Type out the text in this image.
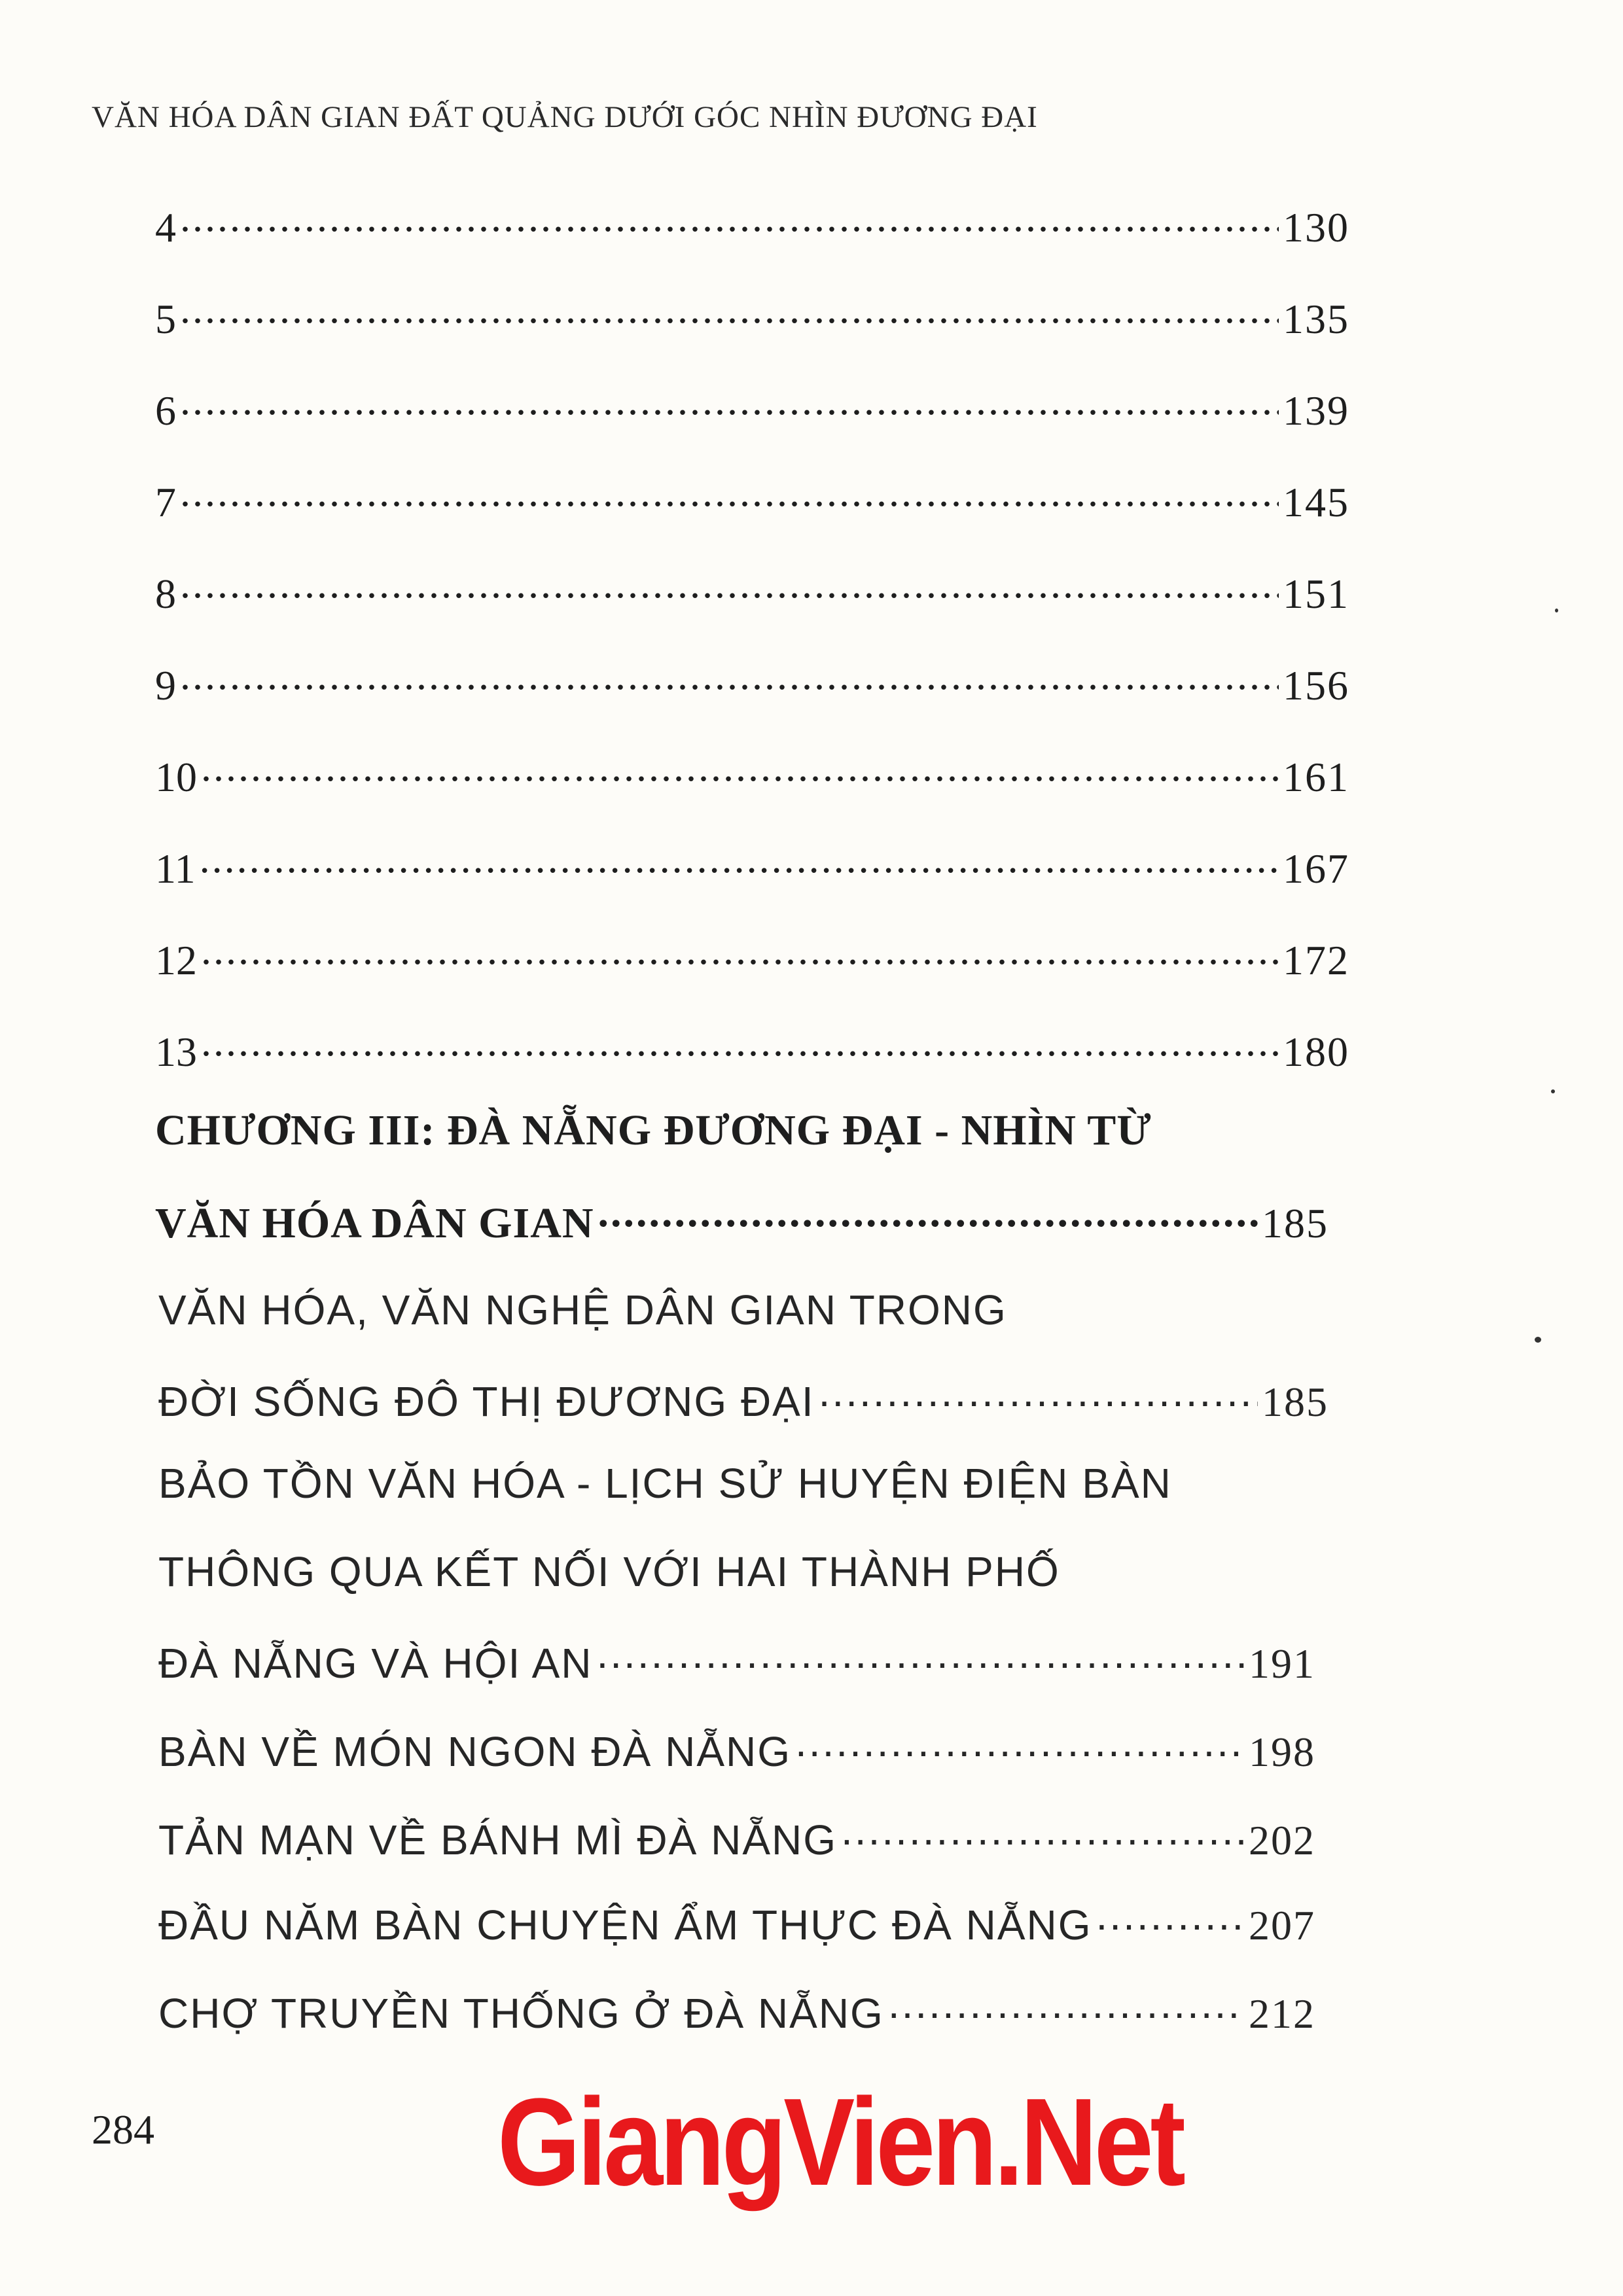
VĂN HÓA DÂN GIAN ĐẤT QUẢNG DƯỚI GÓC NHÌN ĐƯƠNG ĐẠI
4 .....	130
5 .....	135
6 .....	139
7 .....	145
8 .....	151
9 .....	156
10 .....	161
11 .....	167
12 .....	172
13 .....	180
CHƯƠNG III: ĐÀ NẴNG ĐƯƠNG ĐẠI - NHÌN TỪ
VĂN HÓA DÂN GIAN .....	185
VĂN HÓA, VĂN NGHỆ DÂN GIAN TRONG
ĐỜI SỐNG ĐÔ THỊ ĐƯƠNG ĐẠI .....	185
BẢO TỒN VĂN HÓA - LỊCH SỬ HUYỆN ĐIỆN BÀN
THÔNG QUA KẾT NỐI VỚI HAI THÀNH PHỐ
ĐÀ NẴNG VÀ HỘI AN .....	191
BÀN VỀ MÓN NGON ĐÀ NẴNG .....	198
TẢN MẠN VỀ BÁNH MÌ ĐÀ NẴNG .....	202
ĐẦU NĂM BÀN CHUYỆN ẨM THỰC ĐÀ NẴNG .....	207
CHỢ TRUYỀN THỐNG Ở ĐÀ NẴNG .....	212
284	GiangVien.Net
